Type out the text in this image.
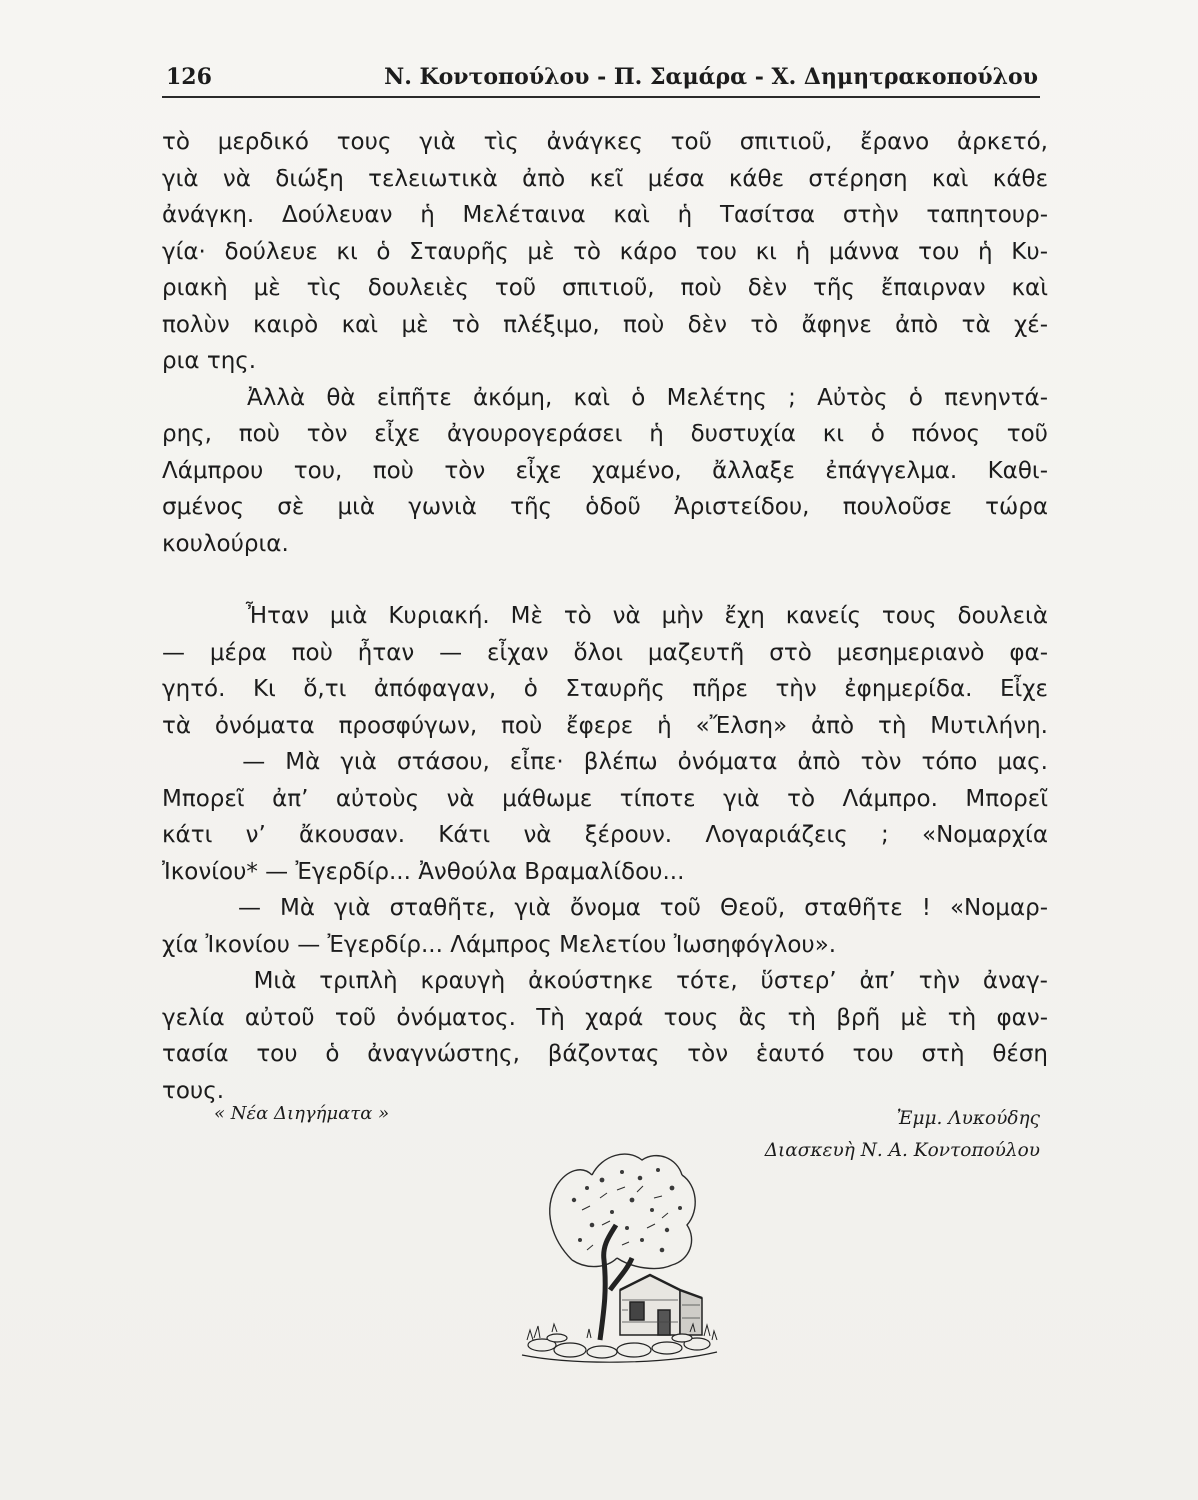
126	Ν. Κοντοπούλου - Π. Σαμάρα - Χ. Δημητρακοπούλου
τὸ μερδικό τους γιὰ τὶς ἀνάγκες τοῦ σπιτιοῦ, ἔρανο ἀρκετό,
γιὰ νὰ διώξη τελειωτικὰ ἀπὸ κεῖ μέσα κάθε στέρηση καὶ κάθε
ἀνάγκη. Δούλευαν ἡ Μελέταινα καὶ ἡ Τασίτσα στὴν ταπητουρ-
γία· δούλευε κι ὁ Σταυρῆς μὲ τὸ κάρο του κι ἡ μάννα του ἡ Κυ-
ριακὴ μὲ τὶς δουλειὲς τοῦ σπιτιοῦ, ποὺ δὲν τῆς ἔπαιρναν καὶ
πολὺν καιρὸ καὶ μὲ τὸ πλέξιμο, ποὺ δὲν τὸ ἄφηνε ἀπὸ τὰ χέ-
ρια της.
Ἀλλὰ θὰ εἰπῆτε ἀκόμη, καὶ ὁ Μελέτης ; Αὐτὸς ὁ πενηντά-
ρης, ποὺ τὸν εἶχε ἀγουρογεράσει ἡ δυστυχία κι ὁ πόνος τοῦ
Λάμπρου του, ποὺ τὸν εἶχε χαμένο, ἄλλαξε ἐπάγγελμα. Καθι-
σμένος σὲ μιὰ γωνιὰ τῆς ὁδοῦ Ἀριστείδου, πουλοῦσε τώρα
κουλούρια.
Ἦταν μιὰ Κυριακή. Μὲ τὸ νὰ μὴν ἔχη κανείς τους δουλειὰ
— μέρα ποὺ ἦταν — εἶχαν ὅλοι μαζευτῆ στὸ μεσημεριανὸ φα-
γητό. Κι ὅ,τι ἀπόφαγαν, ὁ Σταυρῆς πῆρε τὴν ἐφημερίδα. Εἶχε
τὰ ὀνόματα προσφύγων, ποὺ ἔφερε ἡ «Ἔλση» ἀπὸ τὴ Μυτιλήνη.
— Μὰ γιὰ στάσου, εἶπε· βλέπω ὀνόματα ἀπὸ τὸν τόπο μας.
Μπορεῖ ἀπ’ αὐτοὺς νὰ μάθωμε τίποτε γιὰ τὸ Λάμπρο. Μπορεῖ
κάτι ν’ ἄκουσαν. Κάτι νὰ ξέρουν. Λογαριάζεις ; «Νομαρχία
Ἰκονίου* — Ἐγερδίρ... Ἀνθούλα Βραμαλίδου...
— Μὰ γιὰ σταθῆτε, γιὰ ὄνομα τοῦ Θεοῦ, σταθῆτε ! «Νομαρ-
χία Ἰκονίου — Ἐγερδίρ... Λάμπρος Μελετίου Ἰωσηφόγλου».
Μιὰ τριπλὴ κραυγὴ ἀκούστηκε τότε, ὕστερ’ ἀπ’ τὴν ἀναγ-
γελία αὐτοῦ τοῦ ὀνόματος. Τὴ χαρά τους ἂς τὴ βρῆ μὲ τὴ φαν-
τασία του ὁ ἀναγνώστης, βάζοντας τὸν ἑαυτό του στὴ θέση
τους.
« Νέα Διηγήματα »	Ἐμμ. Λυκούδης
Διασκευὴ Ν. Α. Κοντοπούλου
